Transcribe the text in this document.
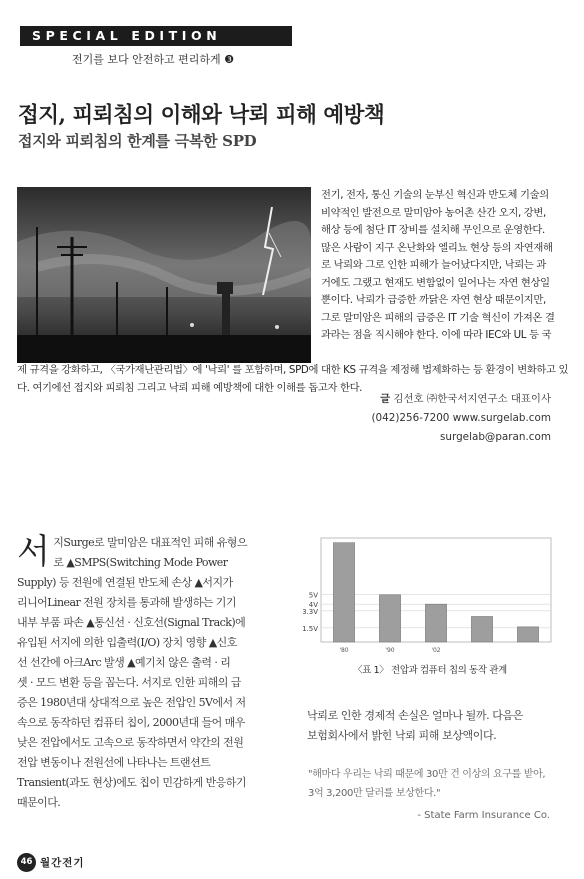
SPECIAL EDITION
전기를 보다 안전하고 편리하게 ❸
접지, 피뢰침의 이해와 낙뢰 피해 예방책
접지와 피뢰침의 한계를 극복한 SPD
전기, 전자, 통신 기술의 눈부신 혁신과 반도체 기술의
비약적인 발전으로 말미암아 농어촌 산간 오지, 강변,
해상 등에 첨단 IT 장비를 설치해 무인으로 운영한다.
많은 사람이 지구 온난화와 엘리뇨 현상 등의 자연재해
로 낙뢰와 그로 인한 피해가 늘어났다지만, 낙뢰는 과
거에도 그랬고 현재도 변함없이 일어나는 자연 현상일
뿐이다. 낙뢰가 급증한 까닭은 자연 현상 때문이지만,
그로 말미암은 피해의 급증은 IT 기술 혁신이 가져온 결
과라는 점을 직시해야 한다. 이에 따라 IEC와 UL 등 국
제 규격을 강화하고, 〈국가재난관리법〉에 '낙뢰' 를 포함하며, SPD에 대한 KS 규격을 제정해 법제화하는 등 환경이 변화하고 있
다. 여기에선 접지와 피뢰침 그리고 낙뢰 피해 예방책에 대한 이해를 돕고자 한다.
글 김선호 ㈜한국서지연구소 대표이사
(042)256-7200 www.surgelab.com
surgelab@paran.com
서 지Surge로 말미암은 대표적인 피해 유형으
로 ▲SMPS(Switching Mode Power
Supply) 등 전원에 연결된 반도체 손상 ▲서지가
리니어Linear 전원 장치를 통과해 발생하는 기기
내부 부품 파손 ▲통신선 · 신호선(Signal Track)에
유입된 서지에 의한 입출력(I/O) 장치 영향 ▲신호
선 선간에 아크Arc 발생 ▲예기치 않은 출력 · 리
셋 · 모드 변환 등을 꼽는다. 서지로 인한 피해의 급
증은 1980년대 상대적으로 높은 전압인 5V에서 저
속으로 동작하던 컴퓨터 칩이, 2000년대 들어 매우
낮은 전압에서도 고속으로 동작하면서 약간의 전원
전압 변동이나 전원선에 나타나는 트랜션트
Transient(과도 현상)에도 칩이 민감하게 반응하기
때문이다.
5V
4V
3.3V
1.5V
'80	'90	'02
〈표 1〉 전압과 컴퓨터 칩의 동작 관계
낙뢰로 인한 경제적 손실은 얼마나 될까. 다음은
보험회사에서 밝힌 낙뢰 피해 보상액이다.
"해마다 우리는 낙뢰 때문에 30만 건 이상의 요구를 받아,
3억 3,200만 달러를 보상한다."
- State Farm Insurance Co.
46 월간전기
